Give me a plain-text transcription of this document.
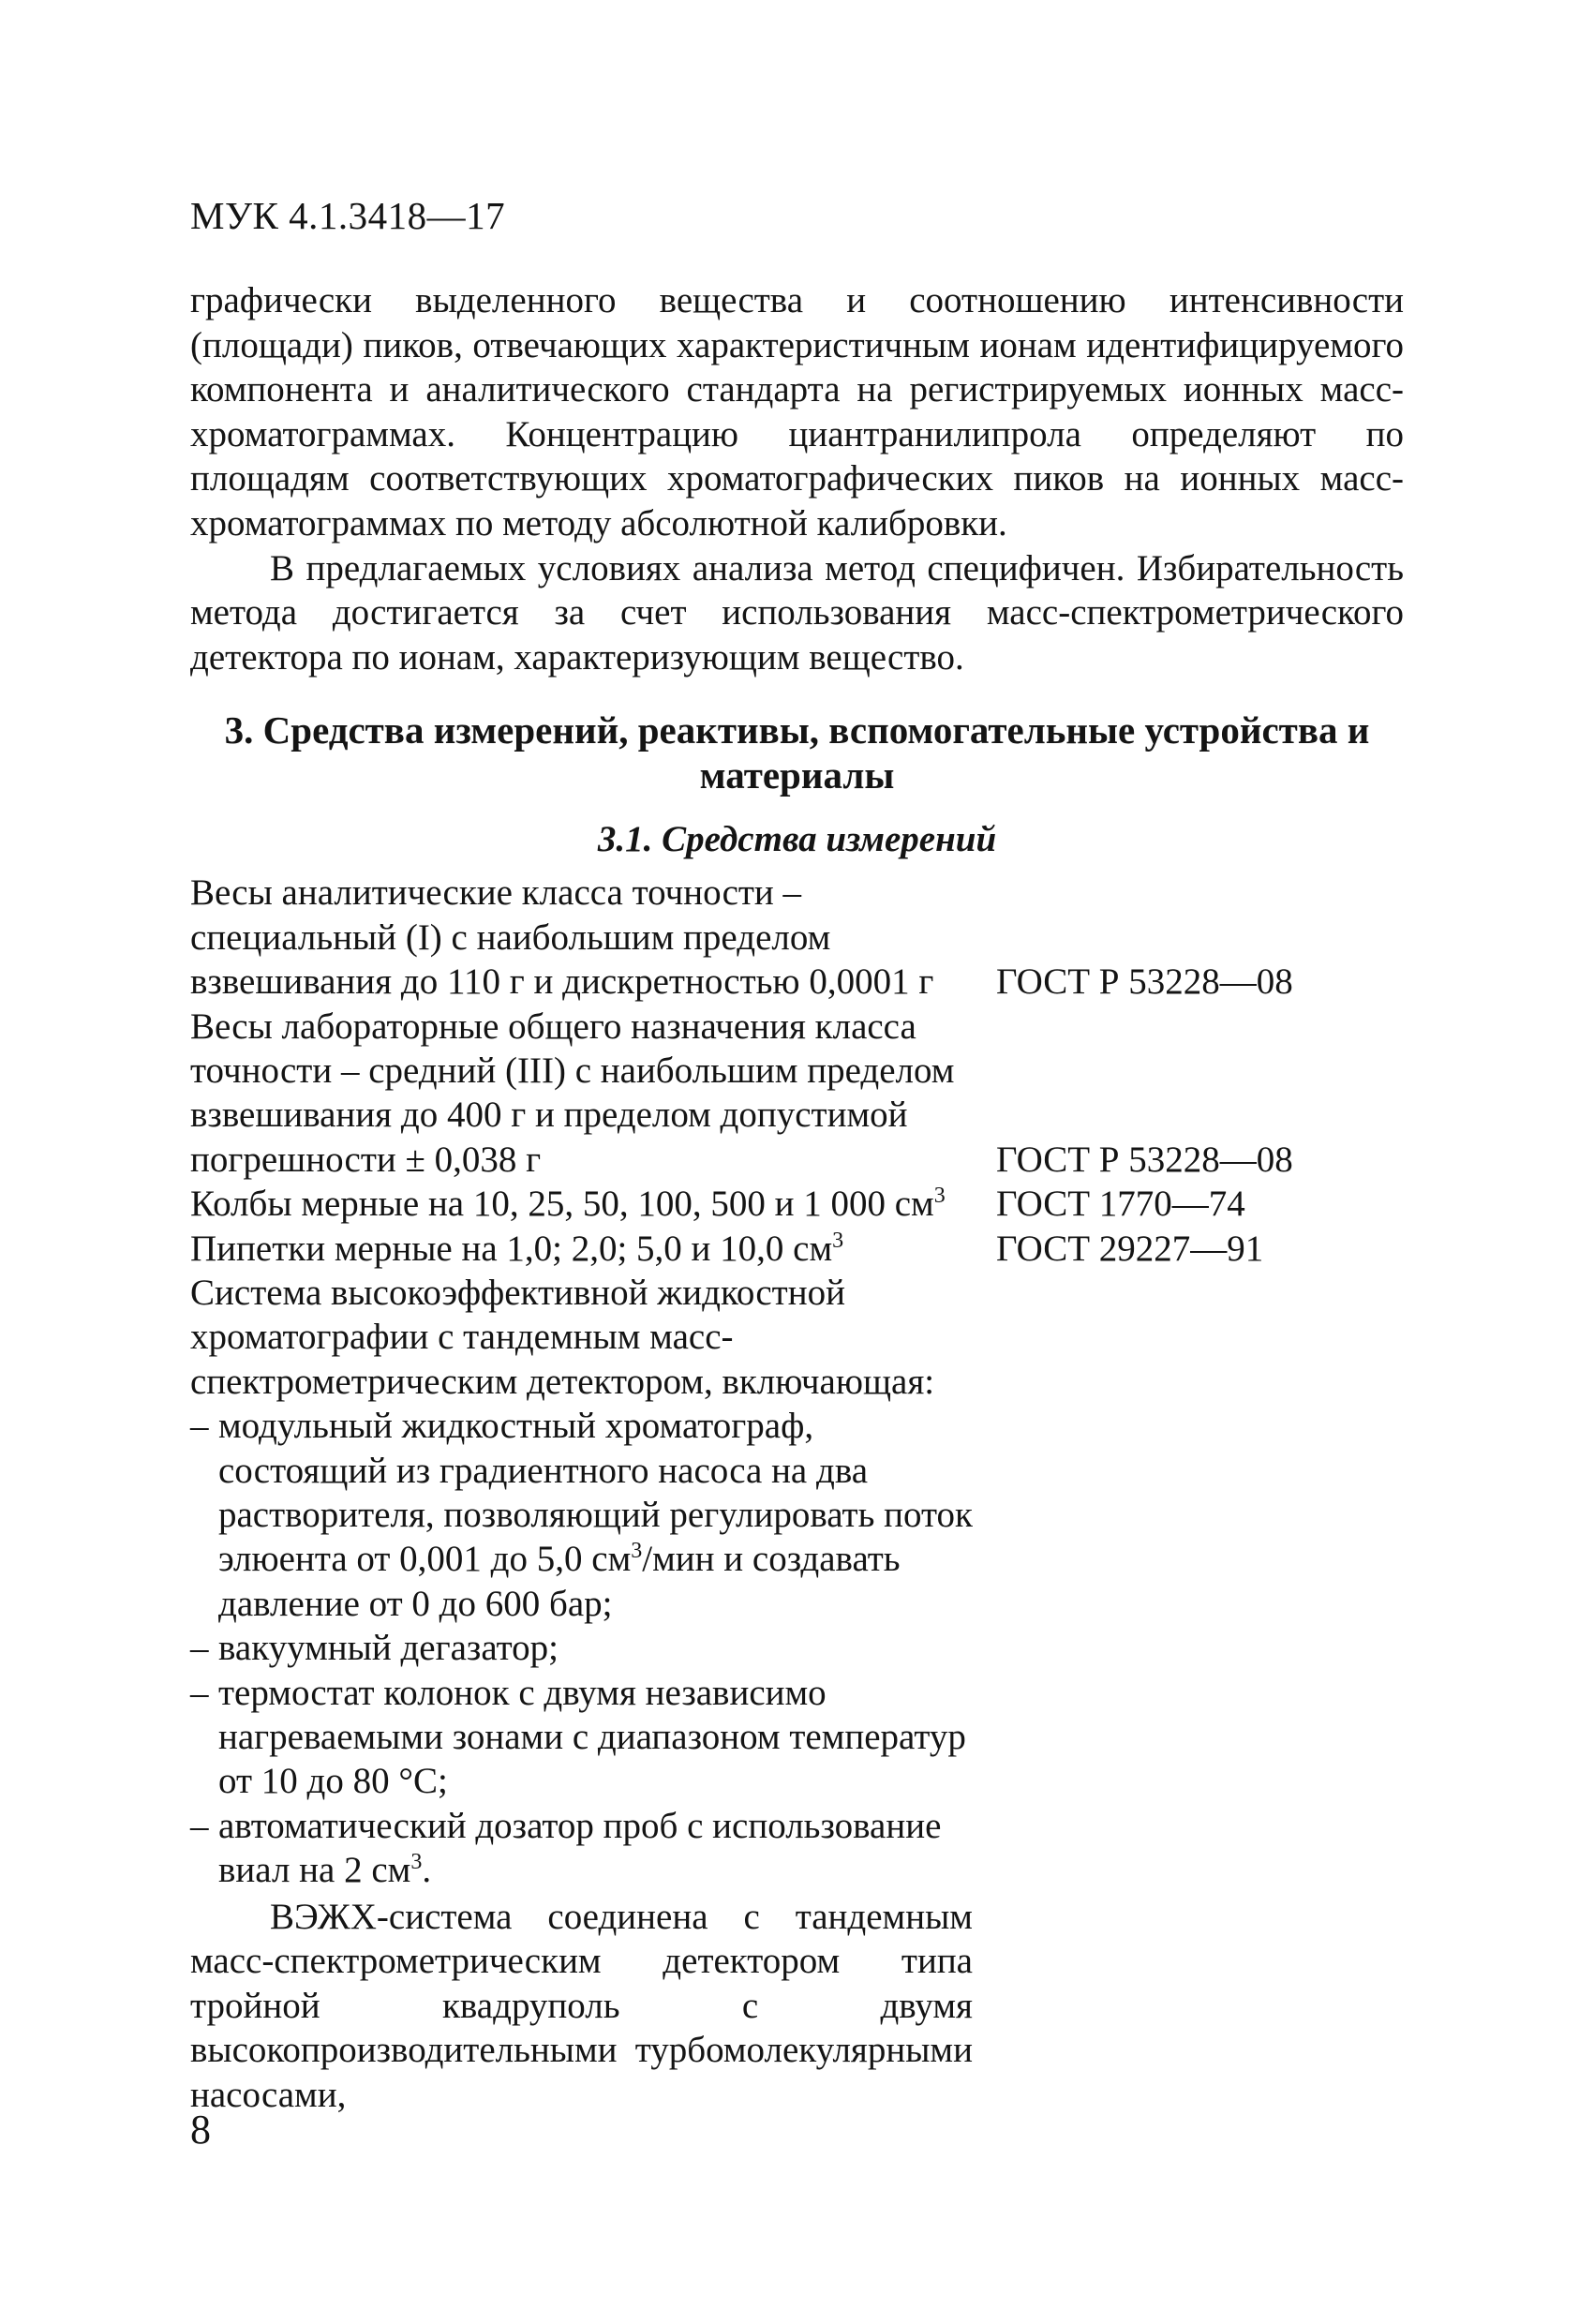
МУК 4.1.3418—17

графически выделенного вещества и соотношению интенсивности (площади) пиков, отвечающих характеристичным ионам идентифицируемого компонента и аналитического стандарта на регистрируемых ионных масс-хроматограммах. Концентрацию циантранилипрола определяют по площадям соответствующих хроматографических пиков на ионных масс-хроматограммах по методу абсолютной калибровки.

В предлагаемых условиях анализа метод специфичен. Избирательность метода достигается за счет использования масс-спектрометрического детектора по ионам, характеризующим вещество.

3. Средства измерений, реактивы, вспомогательные устройства и материалы
3.1. Средства измерений
Весы аналитические класса точности – специальный (I) с наибольшим пределом взвешивания до 110 г и дискретностью 0,0001 г	ГОСТ Р 53228—08
Весы лабораторные общего назначения класса точности – средний (III) с наибольшим пределом взвешивания до 400 г и пределом допустимой погрешности ± 0,038 г	ГОСТ Р 53228—08
Колбы мерные на 10, 25, 50, 100, 500 и 1 000 $см^3$	ГОСТ 1770—74
Пипетки мерные на 1,0; 2,0; 5,0 и 10,0 $см^3$	ГОСТ 29227—91
Система высокоэффективной жидкостной хроматографии с тандемным масс-спектрометрическим детектором, включающая:
– модульный жидкостный хроматограф, состоящий из градиентного насоса на два растворителя, позволяющий регулировать поток элюента от 0,001 до 5,0 $см^3$/мин и создавать давление от 0 до 600 бар;
– вакуумный дегазатор;
– термостат колонок с двумя независимо нагреваемыми зонами с диапазоном температур от 10 до 80 °С;
– автоматический дозатор проб с использование виал на 2 $см^3$.

ВЭЖХ-система соединена с тандемным масс-спектрометрическим детектором типа тройной квадруполь с двумя высокопроизводительными турбомолекулярными насосами,

8
